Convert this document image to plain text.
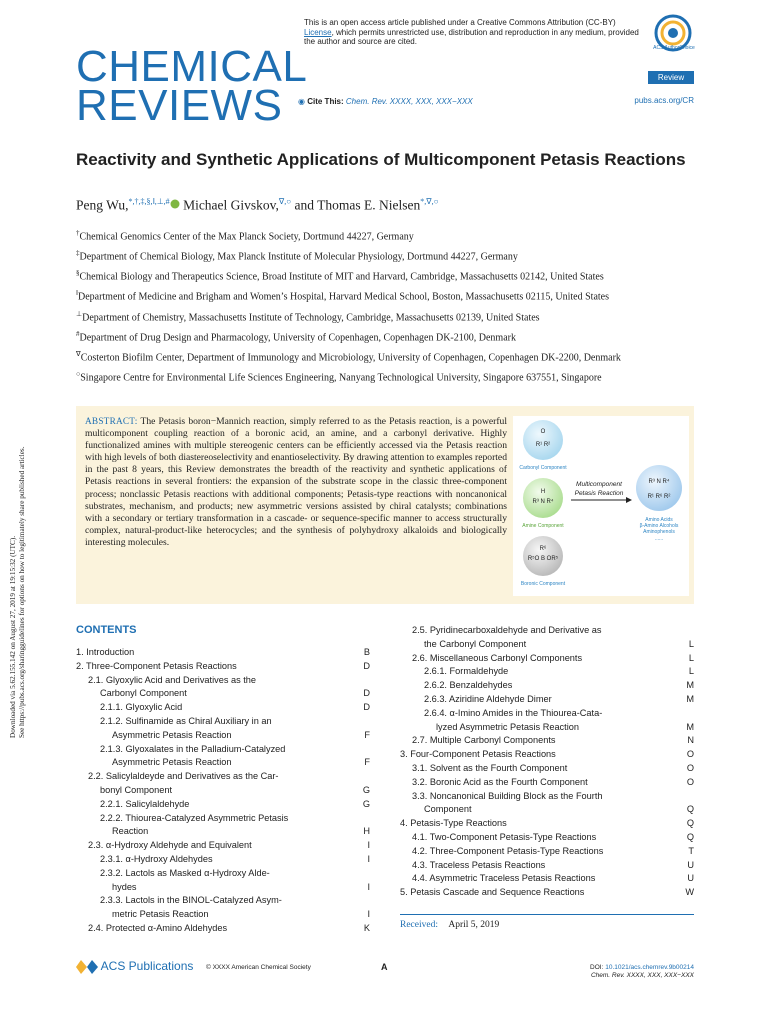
CHEMICAL
REVIEWS
This is an open access article published under a Creative Commons Attribution (CC-BY) License, which permits unrestricted use, distribution and reproduction in any medium, provided the author and source are cited.
ACS AuthorChoice
Review
◉ Cite This: Chem. Rev. XXXX, XXX, XXX−XXX	pubs.acs.org/CR
Reactivity and Synthetic Applications of Multicomponent Petasis Reactions
Peng Wu,*,†,‡,§,‖,⊥,# Michael Givskov,∇,○ and Thomas E. Nielsen*,∇,○
†Chemical Genomics Center of the Max Planck Society, Dortmund 44227, Germany
‡Department of Chemical Biology, Max Planck Institute of Molecular Physiology, Dortmund 44227, Germany
§Chemical Biology and Therapeutics Science, Broad Institute of MIT and Harvard, Cambridge, Massachusetts 02142, United States
‖Department of Medicine and Brigham and Women’s Hospital, Harvard Medical School, Boston, Massachusetts 02115, United States
⊥Department of Chemistry, Massachusetts Institute of Technology, Cambridge, Massachusetts 02139, United States
#Department of Drug Design and Pharmacology, University of Copenhagen, Copenhagen DK-2100, Denmark
∇Costerton Biofilm Center, Department of Immunology and Microbiology, University of Copenhagen, Copenhagen DK-2200, Denmark
○Singapore Centre for Environmental Life Sciences Engineering, Nanyang Technological University, Singapore 637551, Singapore
ABSTRACT: The Petasis boron−Mannich reaction, simply referred to as the Petasis reaction, is a powerful multicomponent coupling reaction of a boronic acid, an amine, and a carbonyl derivative. Highly functionalized amines with multiple stereogenic centers can be efficiently accessed via the Petasis reaction with high levels of both diastereoselectivity and enantioselectivity. By drawing attention to examples reported in the past 8 years, this Review demonstrates the breadth of the reactivity and synthetic applications of Petasis reactions in several frontiers: the expansion of the substrate scope in the classic three-component process; nonclassic Petasis reactions with additional components; Petasis-type reactions with noncanonical substrates, mechanism, and products; new asymmetric versions assisted by chiral catalysts; combinations with a secondary or tertiary transformation in a cascade- or sequence-specific manner to access structurally complex, natural-product-like heterocycles; and the synthesis of polyhydroxy alkaloids and biologically interesting molecules.
O
R¹ R²
Carbonyl Component
H
R³ N R⁴
Amine Component
R⁶
R⁵O B OR⁵
Boronic Component
Multicomponent
Petasis Reaction
R³ N R⁴
R¹ R⁶ R²
Amino Acids
β-Amino Alcohols
Aminophenols
......
CONTENTS
1. Introduction	B
2. Three-Component Petasis Reactions	D
2.1. Glyoxylic Acid and Derivatives as the
Carbonyl Component	D
2.1.1. Glyoxylic Acid	D
2.1.2. Sulfinamide as Chiral Auxiliary in an
Asymmetric Petasis Reaction	F
2.1.3. Glyoxalates in the Palladium-Catalyzed
Asymmetric Petasis Reaction	F
2.2. Salicylaldeyde and Derivatives as the Car-
bonyl Component	G
2.2.1. Salicylaldehyde	G
2.2.2. Thiourea-Catalyzed Asymmetric Petasis
Reaction	H
2.3. α-Hydroxy Aldehyde and Equivalent	I
2.3.1. α-Hydroxy Aldehydes	I
2.3.2. Lactols as Masked α-Hydroxy Alde-
hydes	I
2.3.3. Lactols in the BINOL-Catalyzed Asym-
metric Petasis Reaction	I
2.4. Protected α-Amino Aldehydes	K
2.5. Pyridinecarboxaldehyde and Derivative as
the Carbonyl Component	L
2.6. Miscellaneous Carbonyl Components	L
2.6.1. Formaldehyde	L
2.6.2. Benzaldehydes	M
2.6.3. Aziridine Aldehyde Dimer	M
2.6.4. α-Imino Amides in the Thiourea-Cata-
lyzed Asymmetric Petasis Reaction	M
2.7. Multiple Carbonyl Components	N
3. Four-Component Petasis Reactions	O
3.1. Solvent as the Fourth Component	O
3.2. Boronic Acid as the Fourth Component	O
3.3. Noncanonical Building Block as the Fourth
Component	Q
4. Petasis-Type Reactions	Q
4.1. Two-Component Petasis-Type Reactions	Q
4.2. Three-Component Petasis-Type Reactions	T
4.3. Traceless Petasis Reactions	U
4.4. Asymmetric Traceless Petasis Reactions	U
5. Petasis Cascade and Sequence Reactions	W
Received: April 5, 2019
Downloaded via 5.62.155.142 on August 27, 2019 at 19:15:32 (UTC). See https://pubs.acs.org/sharingguidelines for options on how to legitimately share published articles.
ACS Publications © XXXX American Chemical Society	A	DOI: 10.1021/acs.chemrev.9b00214
Chem. Rev. XXXX, XXX, XXX−XXX
